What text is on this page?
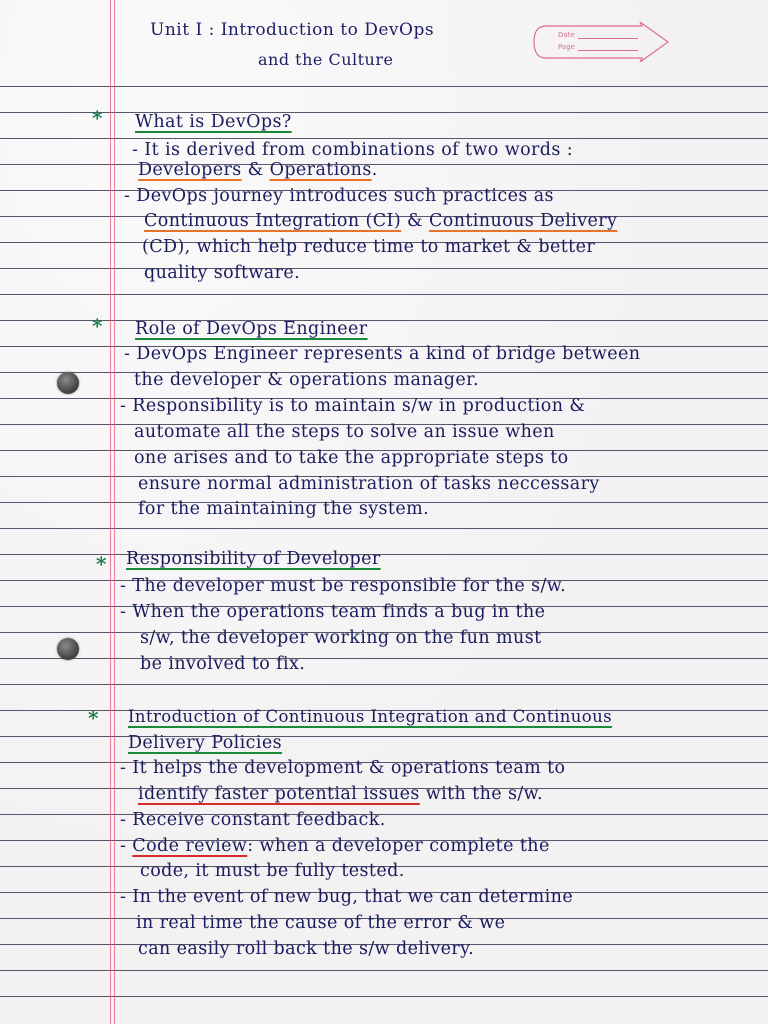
Date
Page
Unit I : Introduction to DevOps
and the Culture
* What is DevOps?
- It is derived from combinations of two words :
Developers & Operations.
- DevOps journey introduces such practices as
Continuous Integration (CI) & Continuous Delivery
(CD), which help reduce time to market & better
quality software.
* Role of DevOps Engineer
- DevOps Engineer represents a kind of bridge between
the developer & operations manager.
- Responsibility is to maintain s/w in production &
automate all the steps to solve an issue when
one arises and to take the appropriate steps to
ensure normal administration of tasks neccessary
for the maintaining the system.
* Responsibility of Developer
- The developer must be responsible for the s/w.
- When the operations team finds a bug in the
s/w, the developer working on the fun must
be involved to fix.
* Introduction of Continuous Integration and Continuous
Delivery Policies
- It helps the development & operations team to
identify faster potential issues with the s/w.
- Receive constant feedback.
- Code review: when a developer complete the
code, it must be fully tested.
- In the event of new bug, that we can determine
in real time the cause of the error & we
can easily roll back the s/w delivery.
